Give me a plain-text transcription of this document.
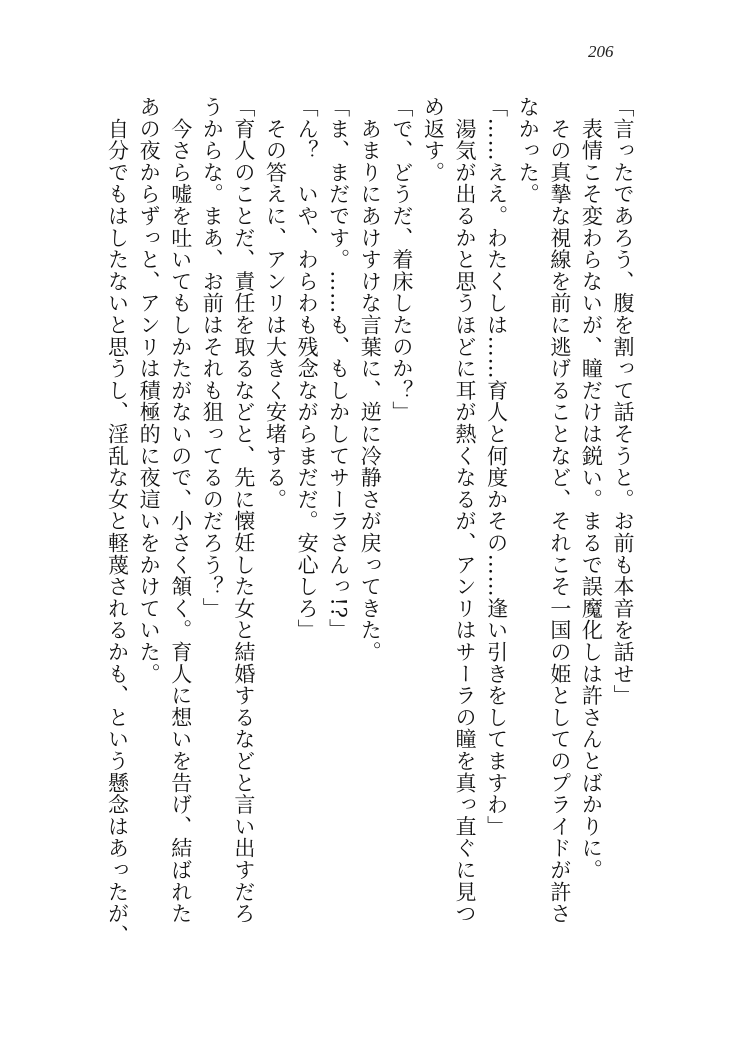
206
「言ったであろう、腹を割って話そうと。お前も本音を話せ」
　表情こそ変わらないが、瞳だけは鋭い。まるで誤魔化しは許さんとばかりに。
　その真摯な視線を前に逃げることなど、それこそ一国の姫としてのプライドが許さ
なかった。
「……ええ。わたくしは……育人と何度かその……逢い引きをしてますわ」
　湯気が出るかと思うほどに耳が熱くなるが、アンリはサーラの瞳を真っ直ぐに見つ
め返す。
「で、どうだ、着床したのか？」
　あまりにあけすけな言葉に、逆に冷静さが戻ってきた。
「ま、まだです。……も、もしかしてサーラさんっ!?」
「ん？　いや、わらわも残念ながらまだだ。安心しろ」
　その答えに、アンリは大きく安堵する。
「育人のことだ、責任を取るなどと、先に懐妊した女と結婚するなどと言い出すだろ
うからな。まあ、お前はそれも狙ってるのだろう？」
　今さら嘘を吐いてもしかたがないので、小さく頷く。育人に想いを告げ、結ばれた
あの夜からずっと、アンリは積極的に夜這いをかけていた。
　自分でもはしたないと思うし、淫乱な女と軽蔑されるかも、という懸念はあったが、
